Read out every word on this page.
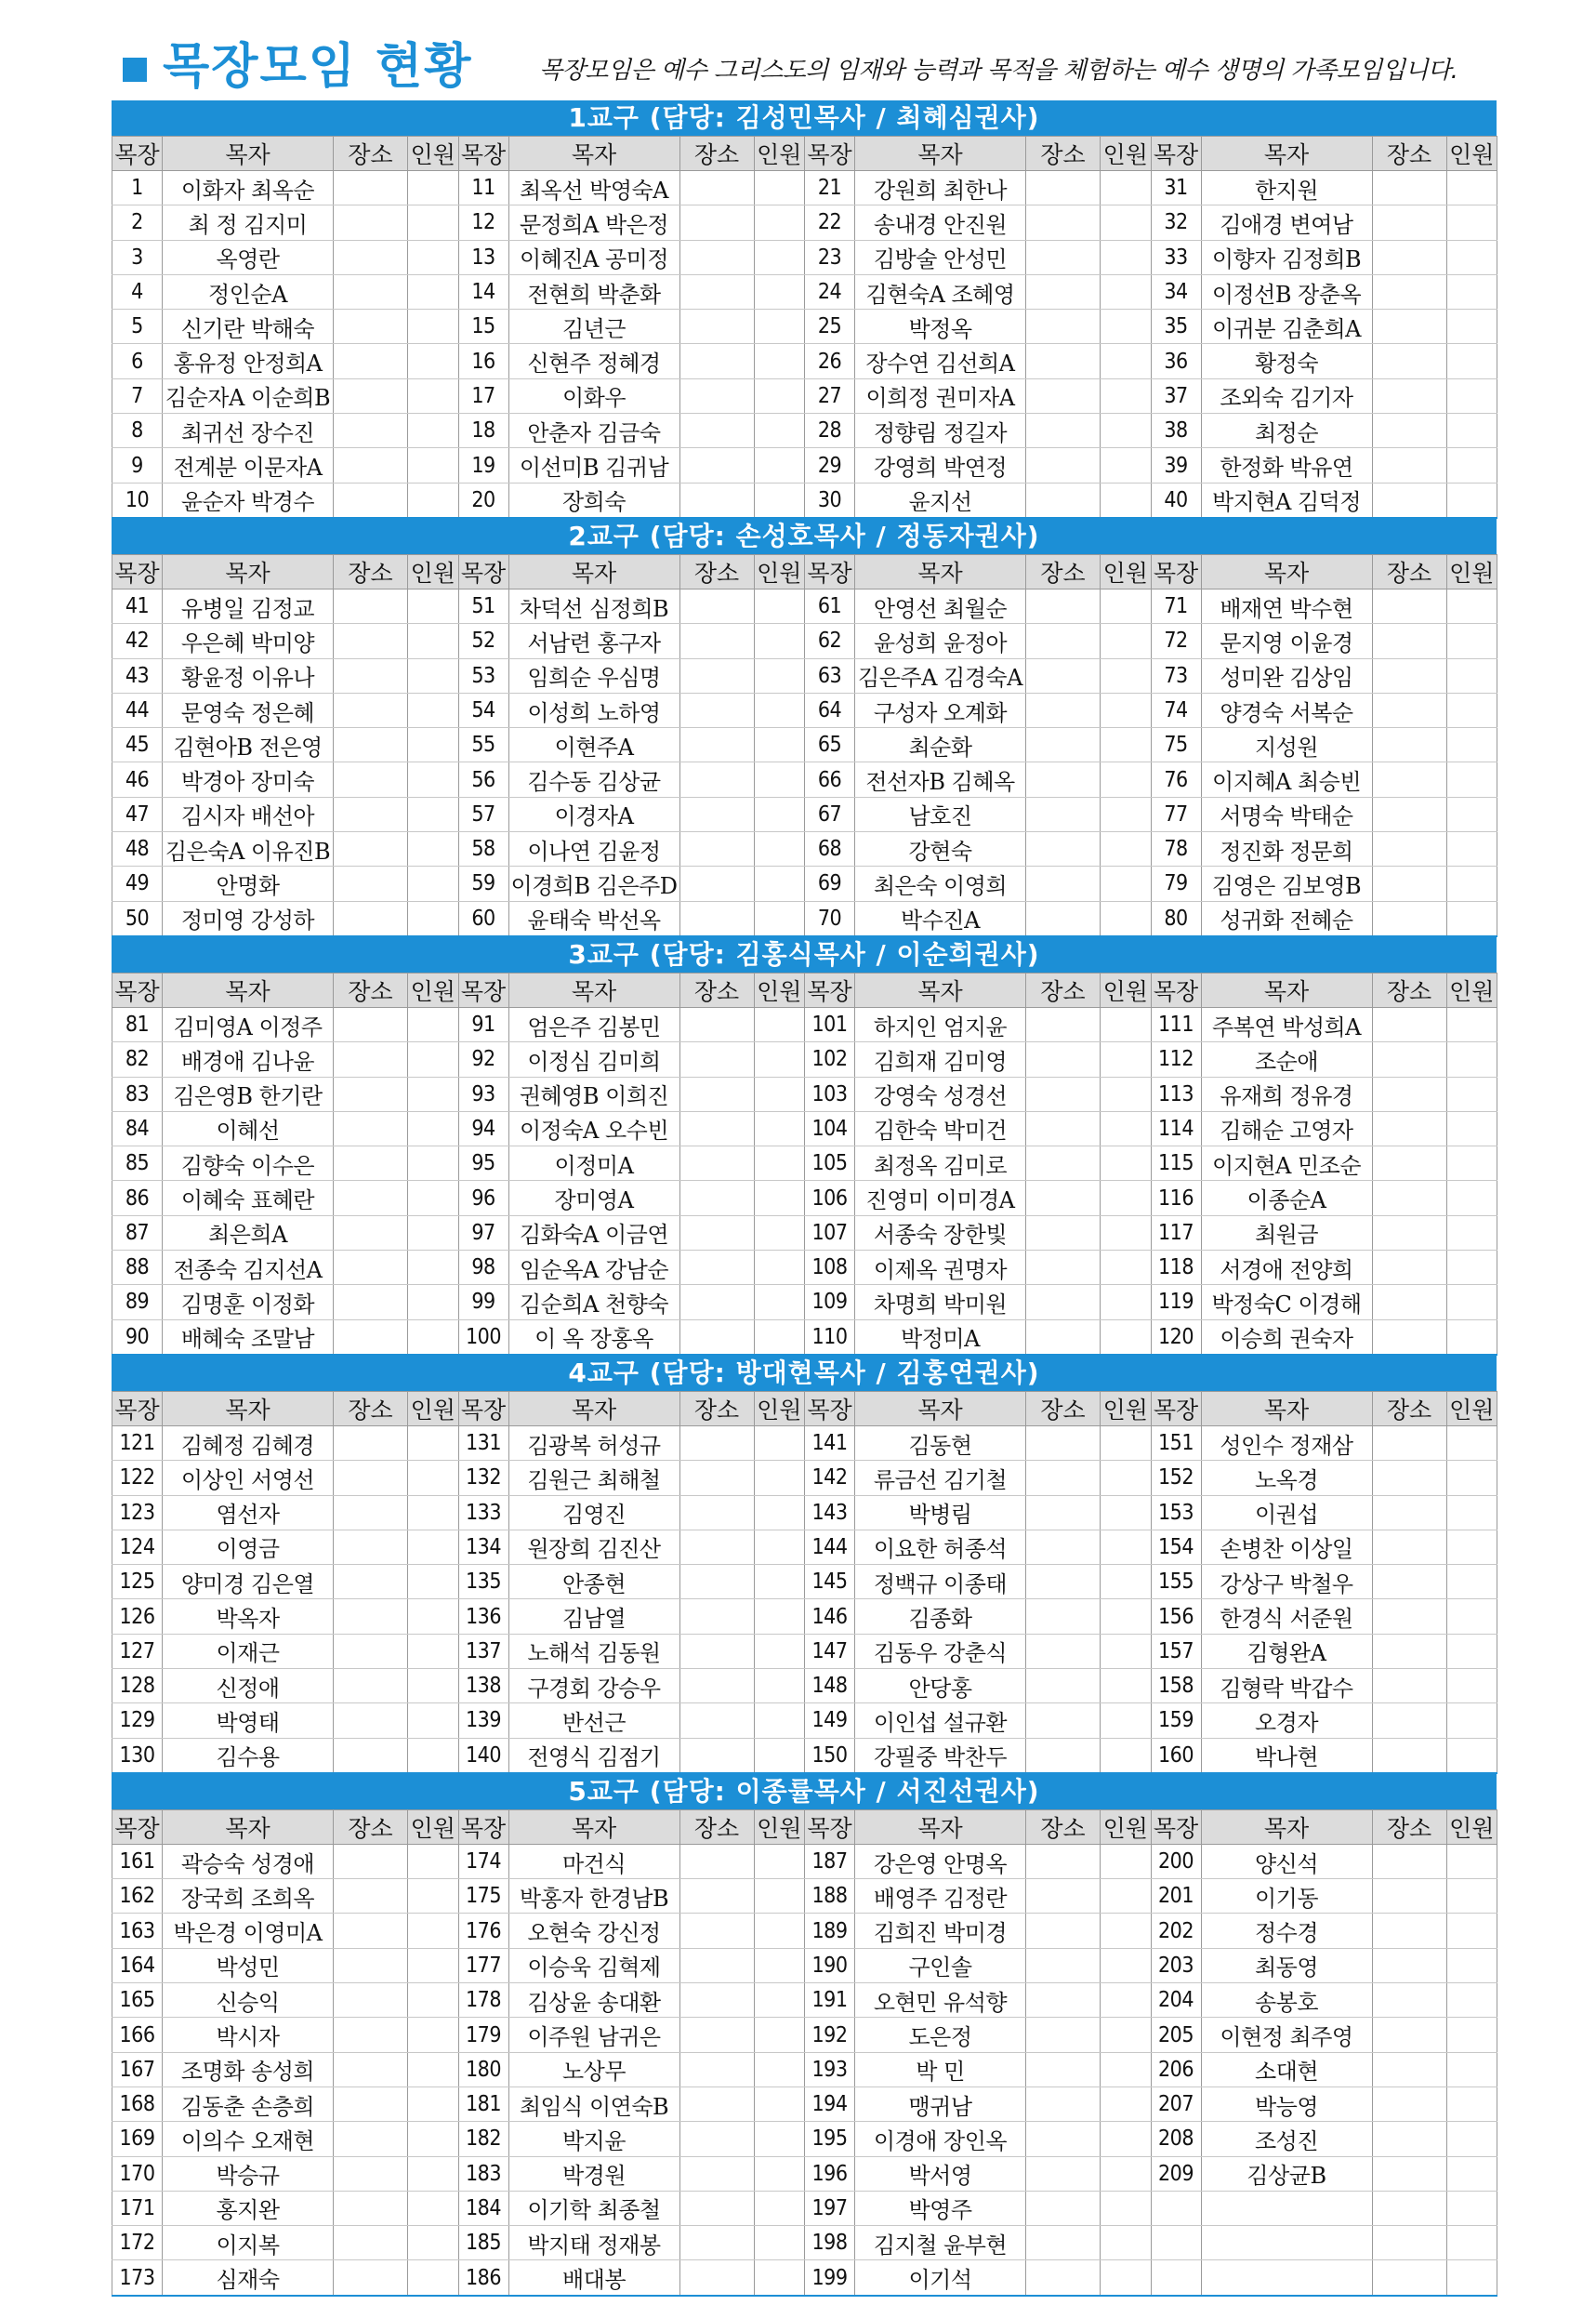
목장모임 현황	목장모임은 예수 그리스도의 임재와 능력과 목적을 체험하는 예수 생명의 가족모임입니다.
1교구 (담당: 김성민목사 / 최혜심권사)
목장	목자	장소	인원	목장	목자	장소	인원	목장	목자	장소	인원	목장	목자	장소	인원
1	이화자 최옥순			11	최옥선 박영숙A			21	강원희 최한나			31	한지원		
2	최 정 김지미			12	문정희A 박은정			22	송내경 안진원			32	김애경 변여남		
3	옥영란			13	이혜진A 공미정			23	김방술 안성민			33	이향자 김정희B		
4	정인순A			14	전현희 박춘화			24	김현숙A 조혜영			34	이정선B 장춘옥		
5	신기란 박해숙			15	김년근			25	박정옥			35	이귀분 김춘희A		
6	홍유정 안정희A			16	신현주 정혜경			26	장수연 김선희A			36	황정숙		
7	김순자A 이순희B			17	이화우			27	이희정 권미자A			37	조외숙 김기자		
8	최귀선 장수진			18	안춘자 김금숙			28	정향림 정길자			38	최정순		
9	전계분 이문자A			19	이선미B 김귀남			29	강영희 박연정			39	한정화 박유연		
10	윤순자 박경수			20	장희숙			30	윤지선			40	박지현A 김덕정		
2교구 (담당: 손성호목사 / 정동자권사)
목장	목자	장소	인원	목장	목자	장소	인원	목장	목자	장소	인원	목장	목자	장소	인원
41	유병일 김정교			51	차덕선 심정희B			61	안영선 최월순			71	배재연 박수현		
42	우은혜 박미양			52	서남련 홍구자			62	윤성희 윤정아			72	문지영 이윤경		
43	황윤정 이유나			53	임희순 우심명			63	김은주A 김경숙A			73	성미완 김상임		
44	문영숙 정은혜			54	이성희 노하영			64	구성자 오계화			74	양경숙 서복순		
45	김현아B 전은영			55	이현주A			65	최순화			75	지성원		
46	박경아 장미숙			56	김수동 김상균			66	전선자B 김혜옥			76	이지혜A 최승빈		
47	김시자 배선아			57	이경자A			67	남호진			77	서명숙 박태순		
48	김은숙A 이유진B			58	이나연 김윤정			68	강현숙			78	정진화 정문희		
49	안명화			59	이경희B 김은주D			69	최은숙 이영희			79	김영은 김보영B		
50	정미영 강성하			60	윤태숙 박선옥			70	박수진A			80	성귀화 전혜순		
3교구 (담당: 김홍식목사 / 이순희권사)
목장	목자	장소	인원	목장	목자	장소	인원	목장	목자	장소	인원	목장	목자	장소	인원
81	김미영A 이정주			91	엄은주 김봉민			101	하지인 엄지윤			111	주복연 박성희A		
82	배경애 김나윤			92	이정심 김미희			102	김희재 김미영			112	조순애		
83	김은영B 한기란			93	권혜영B 이희진			103	강영숙 성경선			113	유재희 정유경		
84	이혜선			94	이정숙A 오수빈			104	김한숙 박미건			114	김해순 고영자		
85	김향숙 이수은			95	이정미A			105	최정옥 김미로			115	이지현A 민조순		
86	이혜숙 표혜란			96	장미영A			106	진영미 이미경A			116	이종순A		
87	최은희A			97	김화숙A 이금연			107	서종숙 장한빛			117	최원금		
88	전종숙 김지선A			98	임순옥A 강남순			108	이제옥 권명자			118	서경애 전양희		
89	김명훈 이정화			99	김순희A 천향숙			109	차명희 박미원			119	박정숙C 이경해		
90	배혜숙 조말남			100	이 옥 장홍옥			110	박정미A			120	이승희 권숙자		
4교구 (담당: 방대현목사 / 김홍연권사)
목장	목자	장소	인원	목장	목자	장소	인원	목장	목자	장소	인원	목장	목자	장소	인원
121	김혜정 김혜경			131	김광복 허성규			141	김동현			151	성인수 정재삼		
122	이상인 서영선			132	김원근 최해철			142	류금선 김기철			152	노옥경		
123	염선자			133	김영진			143	박병림			153	이권섭		
124	이영금			134	원장희 김진산			144	이요한 허종석			154	손병찬 이상일		
125	양미경 김은열			135	안종현			145	정백규 이종태			155	강상구 박철우		
126	박옥자			136	김남열			146	김종화			156	한경식 서준원		
127	이재근			137	노해석 김동원			147	김동우 강춘식			157	김형완A		
128	신정애			138	구경회 강승우			148	안당홍			158	김형락 박갑수		
129	박영태			139	반선근			149	이인섭 설규환			159	오경자		
130	김수용			140	전영식 김점기			150	강필중 박찬두			160	박나현		
5교구 (담당: 이종률목사 / 서진선권사)
목장	목자	장소	인원	목장	목자	장소	인원	목장	목자	장소	인원	목장	목자	장소	인원
161	곽승숙 성경애			174	마건식			187	강은영 안명옥			200	양신석		
162	장국희 조희옥			175	박홍자 한경남B			188	배영주 김정란			201	이기동		
163	박은경 이영미A			176	오현숙 강신정			189	김희진 박미경			202	정수경		
164	박성민			177	이승욱 김혁제			190	구인솔			203	최동영		
165	신승익			178	김상윤 송대환			191	오현민 유석향			204	송봉호		
166	박시자			179	이주원 남귀은			192	도은정			205	이현정 최주영		
167	조명화 송성희			180	노상무			193	박 민			206	소대현		
168	김동춘 손층희			181	최임식 이연숙B			194	맹귀남			207	박능영		
169	이의수 오재현			182	박지윤			195	이경애 장인옥			208	조성진		
170	박승규			183	박경원			196	박서영			209	김상균B		
171	홍지완			184	이기학 최종철			197	박영주						
172	이지복			185	박지태 정재봉			198	김지철 윤부현						
173	심재숙			186	배대봉			199	이기석						
